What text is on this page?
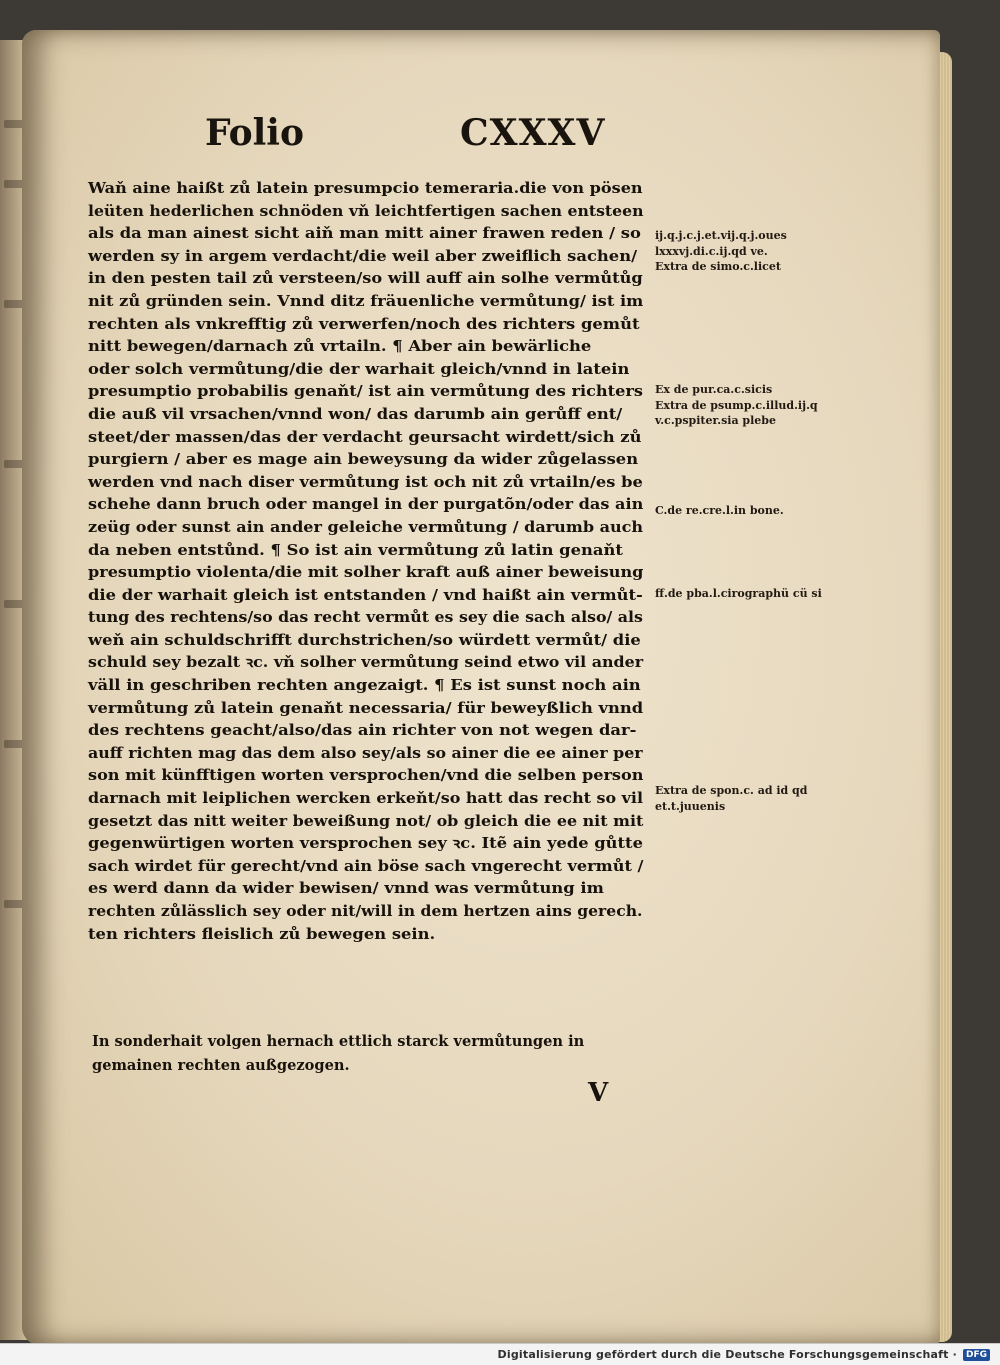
Folio	CXXXV
Waň aine haißt zů latein presumpcio temeraria.die von pösen
leüten hederlichen schnöden vň leichtfertigen sachen entsteen
als da man ainest sicht aiň man mitt ainer frawen reden / so
werden sy in argem verdacht/die weil aber zweiflich sachen/
in den pesten tail zů versteen/so will auff ain solhe vermůtůg
nit zů gründen sein. Vnnd ditz fräuenliche vermůtung/ ist im
rechten als vnkrefftig zů verwerfen/noch des richters gemůt
nitt bewegen/darnach zů vrtailn. ¶ Aber ain bewärliche
oder solch vermůtung/die der warhait gleich/vnnd in latein
presumptio probabilis genaňt/ ist ain vermůtung des richters
die auß vil vrsachen/vnnd won/ das darumb ain gerůff ent/
steet/der massen/das der verdacht geursacht wirdett/sich zů
purgiern / aber es mage ain beweysung da wider zůgelassen
werden vnd nach diser vermůtung ist och nit zů vrtailn/es be
schehe dann bruch oder mangel in der purgatõn/oder das ain
zeüg oder sunst ain ander geleiche vermůtung / darumb auch
da neben entstůnd. ¶ So ist ain vermůtung zů latin genaňt
presumptio violenta/die mit solher kraft auß ainer beweisung
die der warhait gleich ist entstanden / vnd haißt ain vermůt-
tung des rechtens/so das recht vermůt es sey die sach also/ als
weň ain schuldschrifft durchstrichen/so würdett vermůt/ die
schuld sey bezalt ꝛc. vň solher vermůtung seind etwo vil ander
väll in geschriben rechten angezaigt. ¶ Es ist sunst noch ain
vermůtung zů latein genaňt necessaria/ für beweyßlich vnnd
des rechtens geacht/also/das ain richter von not wegen dar-
auff richten mag das dem also sey/als so ainer die ee ainer per
son mit künfftigen worten versprochen/vnd die selben person
darnach mit leiplichen wercken erkeňt/so hatt das recht so vil
gesetzt das nitt weiter beweißung not/ ob gleich die ee nit mit
gegenwürtigen worten versprochen sey ꝛc. Itẽ ain yede gůtte
sach wirdet für gerecht/vnd ain böse sach vngerecht vermůt /
es werd dann da wider bewisen/ vnnd was vermůtung im
rechten zůlässlich sey oder nit/will in dem hertzen ains gerech.
ten richters fleislich zů bewegen sein.
In sonderhait volgen hernach ettlich starck vermůtungen in
gemainen rechten außgezogen.
V
ij.q.j.c.j.et.vij.q.j.oues
lxxxvj.di.c.ij.qd ve.
Extra de simo.c.licet
Ex de pur.ca.c.sicis
Extra de psump.c.illud.ij.q
v.c.pspiter.sia plebe
C.de re.cre.l.in bone.
ff.de pba.l.cirographü cü si
Extra de spon.c. ad id qd
et.t.juuenis
Digitalisierung gefördert durch die Deutsche Forschungsgemeinschaft ·	DFG
